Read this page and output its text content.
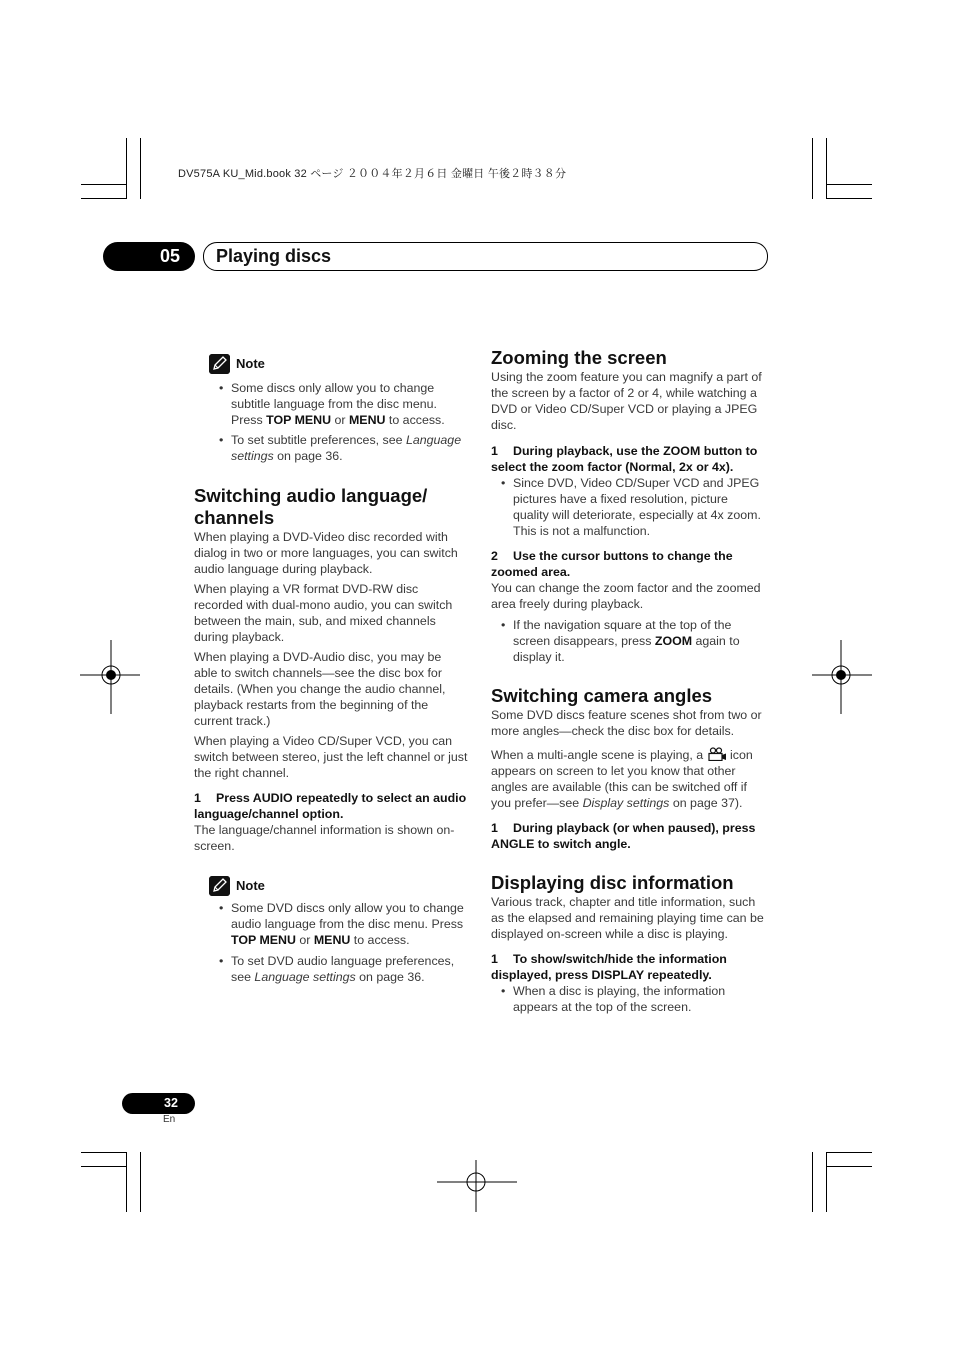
DV575A KU_Mid.book 32 ページ ２００４年２月６日 金曜日 午後２時３８分
05	Playing discs
Note

• Some discs only allow you to change subtitle language from the disc menu. Press TOP MENU or MENU to access.

• To set subtitle preferences, see Language settings on page 36.

Switching audio language/ channels

When playing a DVD-Video disc recorded with dialog in two or more languages, you can switch audio language during playback.

When playing a VR format DVD-RW disc recorded with dual-mono audio, you can switch between the main, sub, and mixed channels during playback.

When playing a DVD-Audio disc, you may be able to switch channels—see the disc box for details. (When you change the audio channel, playback restarts from the beginning of the current track.)

When playing a Video CD/Super VCD, you can switch between stereo, just the left channel or just the right channel.

1 Press AUDIO repeatedly to select an audio language/channel option.

The language/channel information is shown on-screen.

Note

• Some DVD discs only allow you to change audio language from the disc menu. Press TOP MENU or MENU to access.

• To set DVD audio language preferences, see Language settings on page 36.

Zooming the screen

Using the zoom feature you can magnify a part of the screen by a factor of 2 or 4, while watching a DVD or Video CD/Super VCD or playing a JPEG disc.

1 During playback, use the ZOOM button to select the zoom factor (Normal, 2x or 4x).

• Since DVD, Video CD/Super VCD and JPEG pictures have a fixed resolution, picture quality will deteriorate, especially at 4x zoom. This is not a malfunction.

2 Use the cursor buttons to change the zoomed area.

You can change the zoom factor and the zoomed area freely during playback.

• If the navigation square at the top of the screen disappears, press ZOOM again to display it.

Switching camera angles

Some DVD discs feature scenes shot from two or more angles—check the disc box for details.

When a multi-angle scene is playing, a  icon appears on screen to let you know that other angles are available (this can be switched off if you prefer—see Display settings on page 37).

1 During playback (or when paused), press ANGLE to switch angle.

Displaying disc information

Various track, chapter and title information, such as the elapsed and remaining playing time can be displayed on-screen while a disc is playing.

1 To show/switch/hide the information displayed, press DISPLAY repeatedly.

• When a disc is playing, the information appears at the top of the screen.

32
En
